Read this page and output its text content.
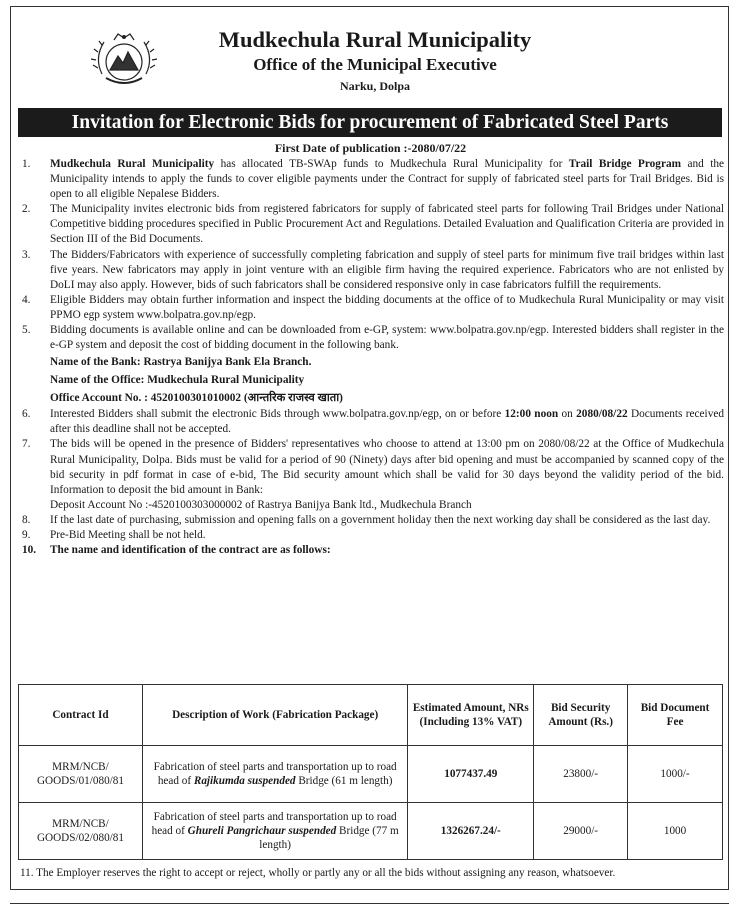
Mudkechula Rural Municipality
Office of the Municipal Executive
Narku, Dolpa
Invitation for Electronic Bids for procurement of Fabricated Steel Parts
First Date of publication :-2080/07/22
1.	Mudkechula Rural Municipality has allocated TB-SWAp funds to Mudkechula Rural Municipality for Trail Bridge Program and the Municipality intends to apply the funds to cover eligible payments under the Contract for supply of fabricated steel parts for Trail Bridges. Bid is open to all eligible Nepalese Bidders.
2.	The Municipality invites electronic bids from registered fabricators for supply of fabricated steel parts for following Trail Bridges under National Competitive bidding procedures specified in Public Procurement Act and Regulations. Detailed Evaluation and Qualification Criteria are provided in Section III of the Bid Documents.
3.	The Bidders/Fabricators with experience of successfully completing fabrication and supply of steel parts for minimum five trail bridges within last five years. New fabricators may apply in joint venture with an eligible firm having the required experience. Fabricators who are not enlisted by DoLI may also apply. However, bids of such fabricators shall be considered responsive only in case fabricators fulfill the requirements.
4.	Eligible Bidders may obtain further information and inspect the bidding documents at the office of to Mudkechula Rural Municipality or may visit PPMO egp system www.bolpatra.gov.np/egp.
5.	Bidding documents is available online and can be downloaded from e-GP, system: www.bolpatra.gov.np/egp. Interested bidders shall register in the e-GP system and deposit the cost of bidding document in the following bank.
Name of the Bank: Rastrya Banijya Bank Ela Branch.
Name of the Office: Mudkechula Rural Municipality
Office Account No. : 4520100301010002 (आन्तरिक राजस्व खाता)
6.	Interested Bidders shall submit the electronic Bids through www.bolpatra.gov.np/egp, on or before 12:00 noon on 2080/08/22 Documents received after this deadline shall not be accepted.
7.	The bids will be opened in the presence of Bidders' representatives who choose to attend at 13:00 pm on 2080/08/22 at the Office of Mudkechula Rural Municipality, Dolpa. Bids must be valid for a period of 90 (Ninety) days after bid opening and must be accompanied by scanned copy of the bid security in pdf format in case of e-bid, The Bid security amount which shall be valid for 30 days beyond the validity period of the bid. Information to deposit the bid amount in Bank:
Deposit Account No :-4520100303000002 of Rastrya Banijya Bank ltd., Mudkechula Branch
8.	If the last date of purchasing, submission and opening falls on a government holiday then the next working day shall be considered as the last day.
9.	Pre-Bid Meeting shall be not held.
10.	The name and identification of the contract are as follows:
Contract Id	Description of Work (Fabrication Package)	Estimated Amount, NRs (Including 13% VAT)	Bid Security Amount (Rs.)	Bid Document Fee
MRM/NCB/
GOODS/01/080/81	Fabrication of steel parts and transportation up to road head of Rajikumda suspended Bridge (61 m length)	1077437.49	23800/-	1000/-
MRM/NCB/
GOODS/02/080/81	Fabrication of steel parts and transportation up to road head of Ghureli Pangrichaur suspended Bridge (77 m length)	1326267.24/-	29000/-	1000
11. The Employer reserves the right to accept or reject, wholly or partly any or all the bids without assigning any reason, whatsoever.
